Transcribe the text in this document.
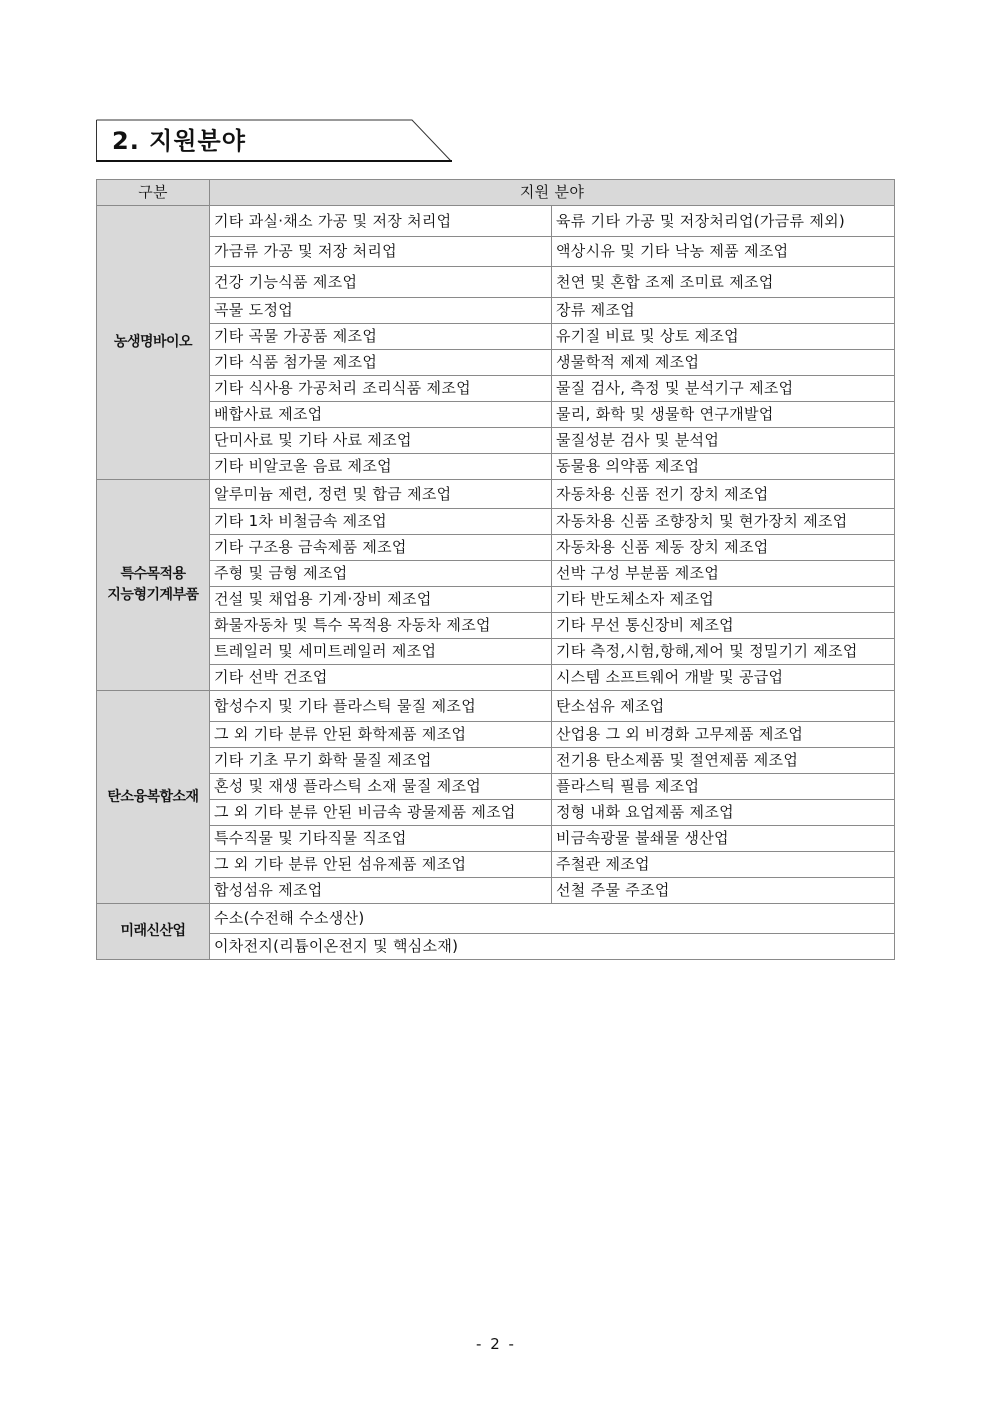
2. 지원분야
구분	지원 분야	

농생명바이오	기타 과실·채소 가공 및 저장 처리업	육류 기타 가공 및 저장처리업(가금류 제외)
	가금류 가공 및 저장 처리업	액상시유 및 기타 낙농 제품 제조업
	건강 기능식품 제조업	천연 및 혼합 조제 조미료 제조업
	곡물 도정업	장류 제조업
	기타 곡물 가공품 제조업	유기질 비료 및 상토 제조업
	기타 식품 첨가물 제조업	생물학적 제제 제조업
	기타 식사용 가공처리 조리식품 제조업	물질 검사, 측정 및 분석기구 제조업
	배합사료 제조업	물리, 화학 및 생물학 연구개발업
	단미사료 및 기타 사료 제조업	물질성분 검사 및 분석업
	기타 비알코올 음료 제조업	동물용 의약품 제조업

특수목적용
지능형기계부품	알루미늄 제련, 정련 및 합금 제조업	자동차용 신품 전기 장치 제조업
	기타 1차 비철금속 제조업	자동차용 신품 조향장치 및 현가장치 제조업
	기타 구조용 금속제품 제조업	자동차용 신품 제동 장치 제조업
	주형 및 금형 제조업	선박 구성 부분품 제조업
	건설 및 채업용 기계·장비 제조업	기타 반도체소자 제조업
	화물자동차 및 특수 목적용 자동차 제조업	기타 무선 통신장비 제조업
	트레일러 및 세미트레일러 제조업	기타 측정,시험,항해,제어 및 정밀기기 제조업
	기타 선박 건조업	시스템 소프트웨어 개발 및 공급업

탄소융복합소재	합성수지 및 기타 플라스틱 물질 제조업	탄소섬유 제조업
	그 외 기타 분류 안된 화학제품 제조업	산업용 그 외 비경화 고무제품 제조업
	기타 기초 무기 화학 물질 제조업	전기용 탄소제품 및 절연제품 제조업
	혼성 및 재생 플라스틱 소재 물질 제조업	플라스틱 필름 제조업
	그 외 기타 분류 안된 비금속 광물제품 제조업	정형 내화 요업제품 제조업
	특수직물 및 기타직물 직조업	비금속광물 불쇄물 생산업
	그 외 기타 분류 안된 섬유제품 제조업	주철관 제조업
	합성섬유 제조업	선철 주물 주조업

미래신산업	수소(수전해 수소생산)	
	이차전지(리튬이온전지 및 핵심소재)	
- 2 -
